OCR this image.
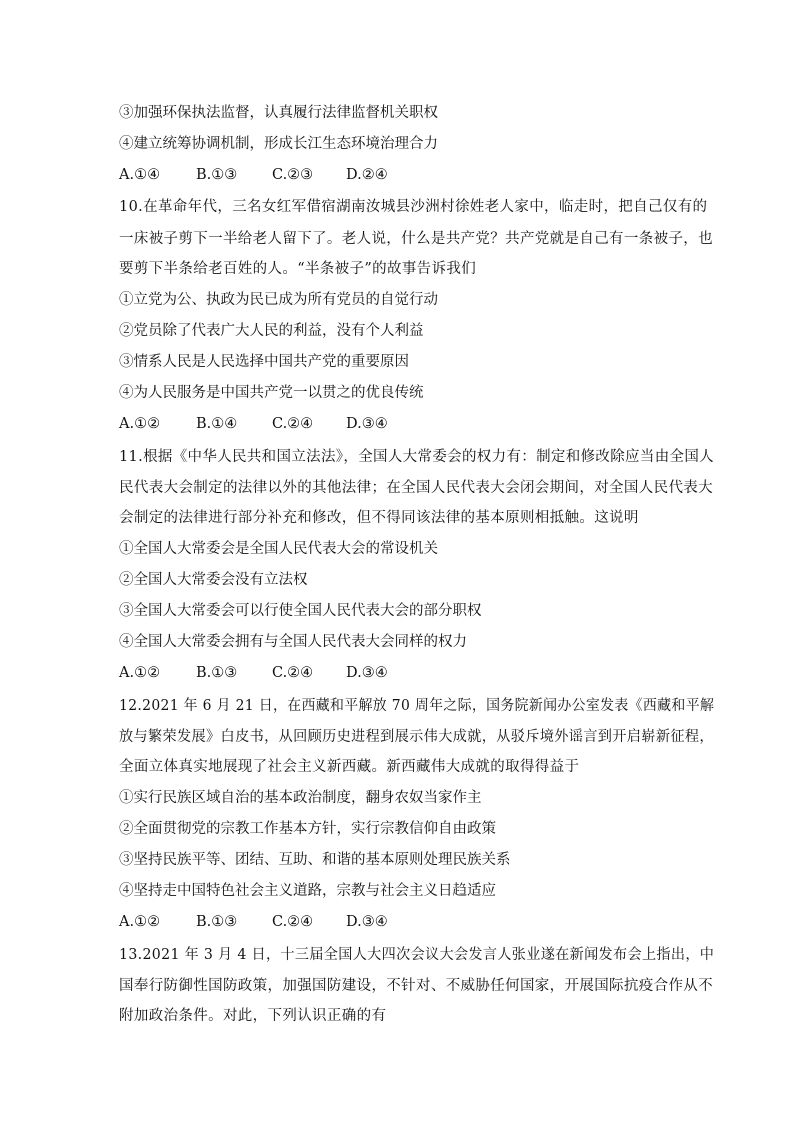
③加强环保执法监督，认真履行法律监督机关职权
④建立统筹协调机制，形成长江生态环境治理合力
A.①④ B.①③ C.②③ D.②④
10.在革命年代，三名女红军借宿湖南汝城县沙洲村徐姓老人家中，临走时，把自己仅有的
一床被子剪下一半给老人留下了。老人说，什么是共产党？共产党就是自己有一条被子，也
要剪下半条给老百姓的人。“半条被子”的故事告诉我们
①立党为公、执政为民已成为所有党员的自觉行动
②党员除了代表广大人民的利益，没有个人利益
③情系人民是人民选择中国共产党的重要原因
④为人民服务是中国共产党一以贯之的优良传统
A.①② B.①④ C.②④ D.③④
11.根据《中华人民共和国立法法》，全国人大常委会的权力有：制定和修改除应当由全国人
民代表大会制定的法律以外的其他法律；在全国人民代表大会闭会期间，对全国人民代表大
会制定的法律进行部分补充和修改，但不得同该法律的基本原则相抵触。这说明
①全国人大常委会是全国人民代表大会的常设机关
②全国人大常委会没有立法权
③全国人大常委会可以行使全国人民代表大会的部分职权
④全国人大常委会拥有与全国人民代表大会同样的权力
A.①② B.①③ C.②④ D.③④
12.2021 年 6 月 21 日，在西藏和平解放 70 周年之际，国务院新闻办公室发表《西藏和平解
放与繁荣发展》白皮书，从回顾历史进程到展示伟大成就，从驳斥境外谣言到开启崭新征程，
全面立体真实地展现了社会主义新西藏。新西藏伟大成就的取得得益于
①实行民族区域自治的基本政治制度，翻身农奴当家作主
②全面贯彻党的宗教工作基本方针，实行宗教信仰自由政策
③坚持民族平等、团结、互助、和谐的基本原则处理民族关系
④坚持走中国特色社会主义道路，宗教与社会主义日趋适应
A.①② B.①③ C.②④ D.③④
13.2021 年 3 月 4 日，十三届全国人大四次会议大会发言人张业遂在新闻发布会上指出，中
国奉行防御性国防政策，加强国防建设，不针对、不威胁任何国家，开展国际抗疫合作从不
附加政治条件。对此，下列认识正确的有
